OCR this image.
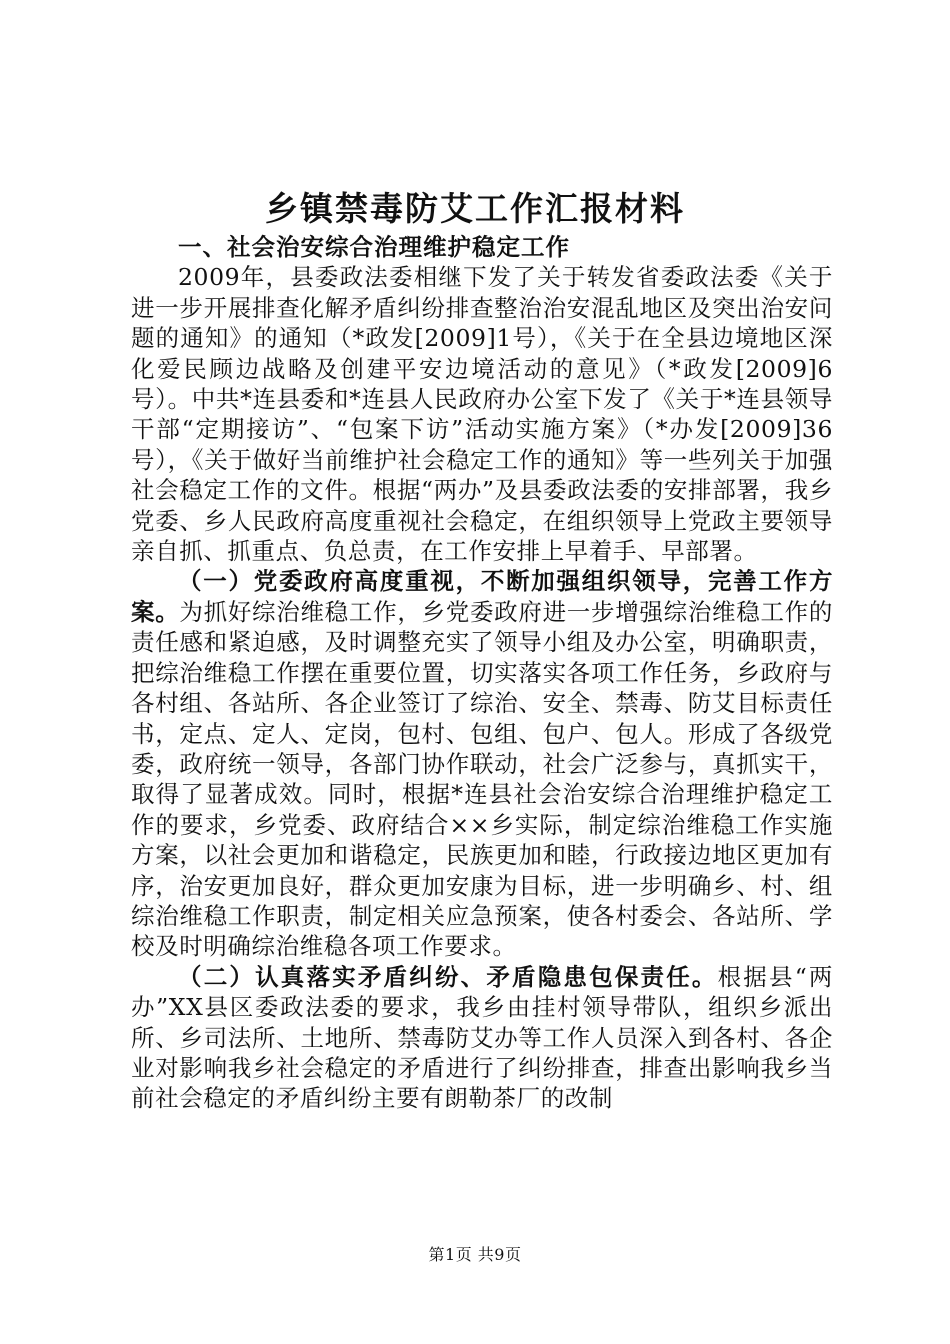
乡镇禁毒防艾工作汇报材料

一、社会治安综合治理维护稳定工作

2009年，县委政法委相继下发了关于转发省委政法委《关于进一步开展排查化解矛盾纠纷排查整治治安混乱地区及突出治安问题的通知》的通知（*政发[2009]1号），《关于在全县边境地区深化爱民顾边战略及创建平安边境活动的意见》（*政发[2009]6号）。中共*连县委和*连县人民政府办公室下发了《关于*连县领导干部“定期接访”、“包案下访”活动实施方案》（*办发[2009]36号），《关于做好当前维护社会稳定工作的通知》等一些列关于加强社会稳定工作的文件。根据“两办”及县委政法委的安排部署，我乡党委、乡人民政府高度重视社会稳定，在组织领导上党政主要领导亲自抓、抓重点、负总责，在工作安排上早着手、早部署。

（一）党委政府高度重视，不断加强组织领导，完善工作方案。为抓好综治维稳工作，乡党委政府进一步增强综治维稳工作的责任感和紧迫感，及时调整充实了领导小组及办公室，明确职责，把综治维稳工作摆在重要位置，切实落实各项工作任务，乡政府与各村组、各站所、各企业签订了综治、安全、禁毒、防艾目标责任书，定点、定人、定岗，包村、包组、包户、包人。形成了各级党委，政府统一领导，各部门协作联动，社会广泛参与，真抓实干，取得了显著成效。同时，根据*连县社会治安综合治理维护稳定工作的要求，乡党委、政府结合××乡实际，制定综治维稳工作实施方案，以社会更加和谐稳定，民族更加和睦，行政接边地区更加有序，治安更加良好，群众更加安康为目标，进一步明确乡、村、组综治维稳工作职责，制定相关应急预案，使各村委会、各站所、学校及时明确综治维稳各项工作要求。

（二）认真落实矛盾纠纷、矛盾隐患包保责任。根据县“两办”XX县区委政法委的要求，我乡由挂村领导带队，组织乡派出所、乡司法所、土地所、禁毒防艾办等工作人员深入到各村、各企业对影响我乡社会稳定的矛盾进行了纠纷排查，排查出影响我乡当前社会稳定的矛盾纠纷主要有朗勒茶厂的改制

第1页 共9页
